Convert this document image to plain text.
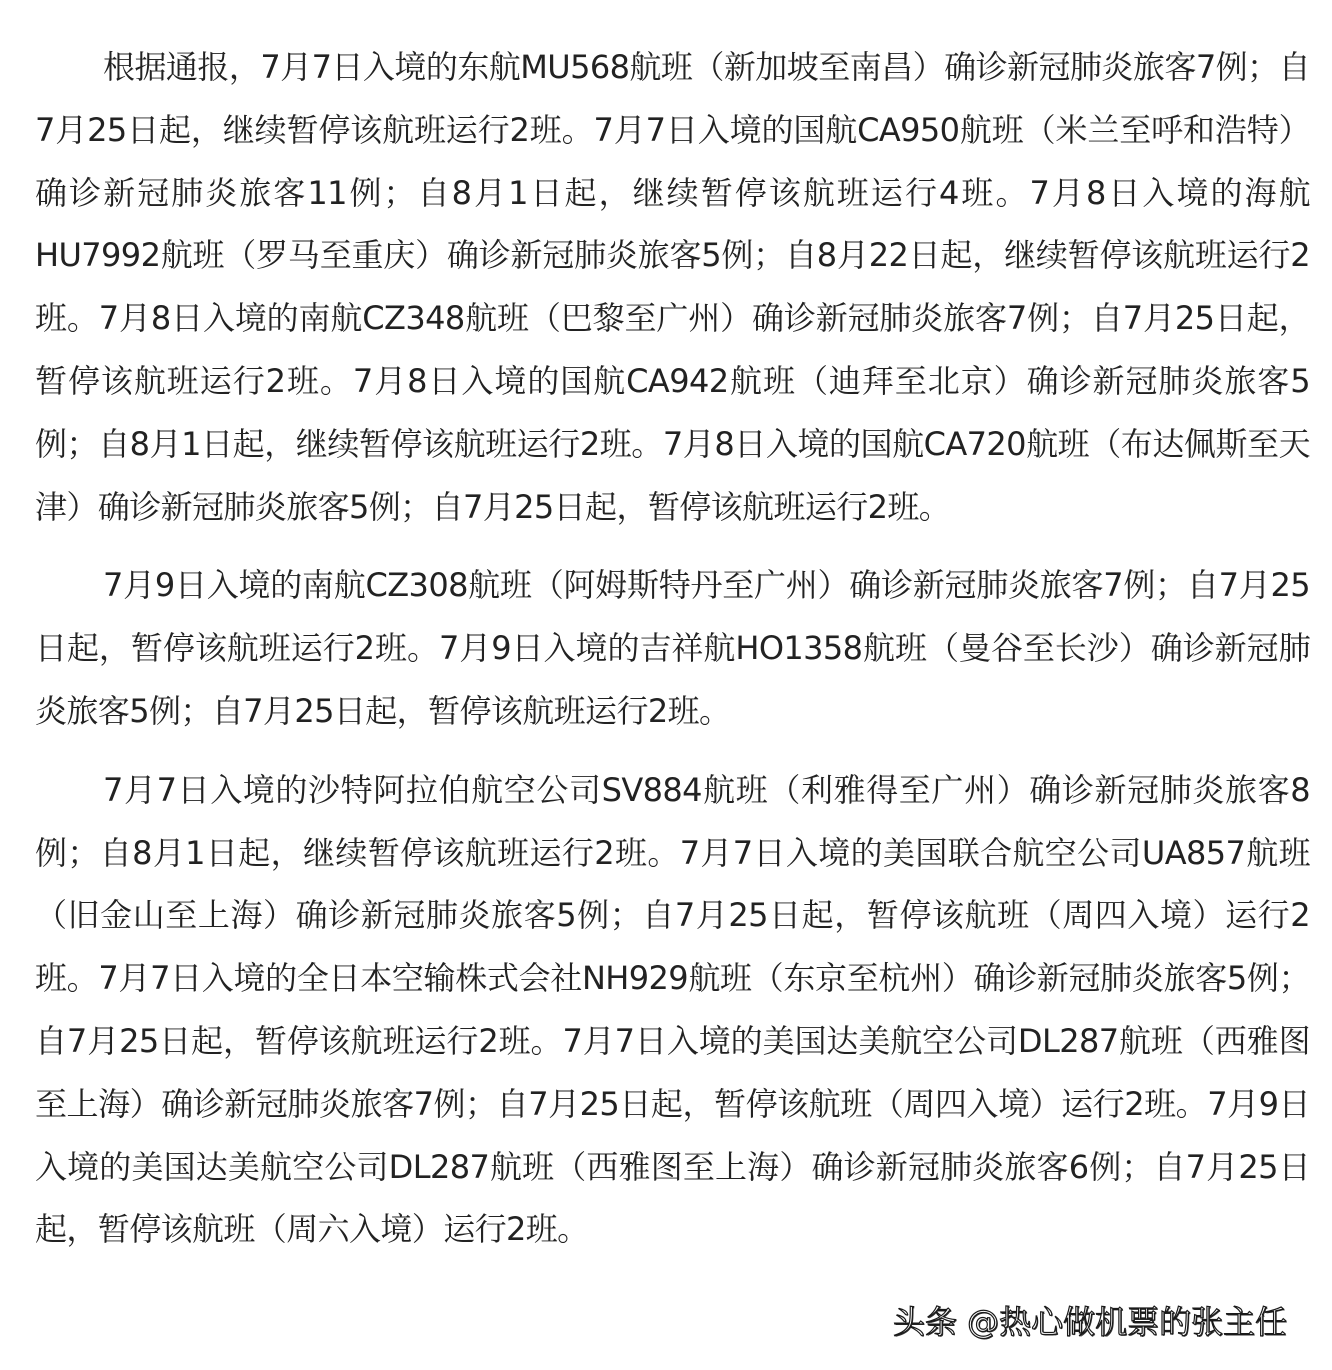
根据通报，7月7日入境的东航MU568航班（新加坡至南昌）确诊新冠肺炎旅客7例；自7月25日起，继续暂停该航班运行2班。7月7日入境的国航CA950航班（米兰至呼和浩特）确诊新冠肺炎旅客11例；自8月1日起，继续暂停该航班运行4班。7月8日入境的海航HU7992航班（罗马至重庆）确诊新冠肺炎旅客5例；自8月22日起，继续暂停该航班运行2班。7月8日入境的南航CZ348航班（巴黎至广州）确诊新冠肺炎旅客7例；自7月25日起，暂停该航班运行2班。7月8日入境的国航CA942航班（迪拜至北京）确诊新冠肺炎旅客5例；自8月1日起，继续暂停该航班运行2班。7月8日入境的国航CA720航班（布达佩斯至天津）确诊新冠肺炎旅客5例；自7月25日起，暂停该航班运行2班。

7月9日入境的南航CZ308航班（阿姆斯特丹至广州）确诊新冠肺炎旅客7例；自7月25日起，暂停该航班运行2班。7月9日入境的吉祥航HO1358航班（曼谷至长沙）确诊新冠肺炎旅客5例；自7月25日起，暂停该航班运行2班。

7月7日入境的沙特阿拉伯航空公司SV884航班（利雅得至广州）确诊新冠肺炎旅客8例；自8月1日起，继续暂停该航班运行2班。7月7日入境的美国联合航空公司UA857航班（旧金山至上海）确诊新冠肺炎旅客5例；自7月25日起，暂停该航班（周四入境）运行2班。7月7日入境的全日本空输株式会社NH929航班（东京至杭州）确诊新冠肺炎旅客5例；自7月25日起，暂停该航班运行2班。7月7日入境的美国达美航空公司DL287航班（西雅图至上海）确诊新冠肺炎旅客7例；自7月25日起，暂停该航班（周四入境）运行2班。7月9日入境的美国达美航空公司DL287航班（西雅图至上海）确诊新冠肺炎旅客6例；自7月25日起，暂停该航班（周六入境）运行2班。

头条 @热心做机票的张主任
